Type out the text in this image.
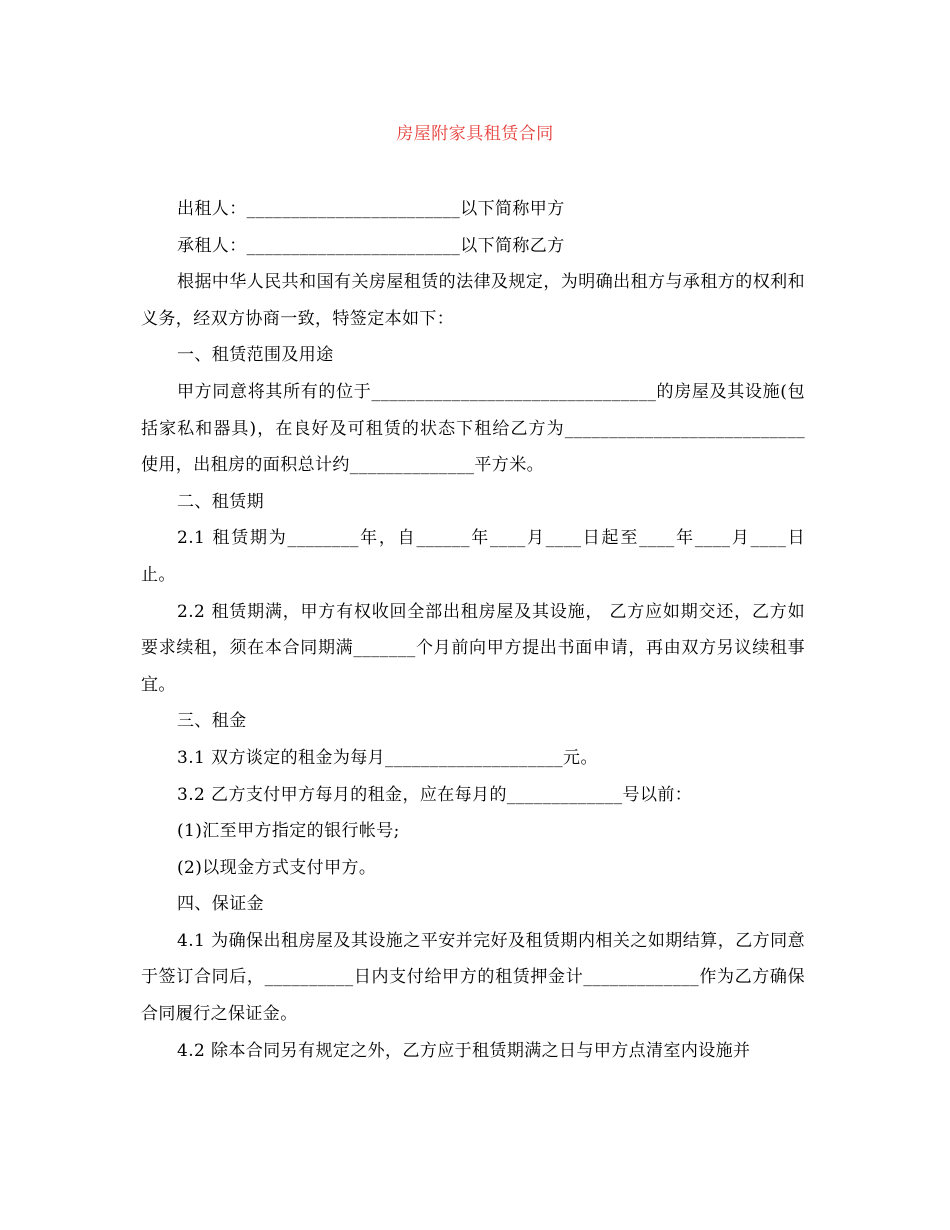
房屋附家具租赁合同

出租人：________________________以下简称甲方

承租人：________________________以下简称乙方

根据中华人民共和国有关房屋租赁的法律及规定，为明确出租方与承租方的权利和义务，经双方协商一致，特签定本如下：

一、租赁范围及用途

甲方同意将其所有的位于________________________________的房屋及其设施(包括家私和器具)，在良好及可租赁的状态下租给乙方为___________________________使用，出租房的面积总计约______________平方米。

二、租赁期

2.1 租赁期为________年，自______年____月____日起至____年____月____日止。

2.2 租赁期满，甲方有权收回全部出租房屋及其设施， 乙方应如期交还，乙方如要求续租，须在本合同期满_______个月前向甲方提出书面申请，再由双方另议续租事宜。

三、租金

3.1 双方谈定的租金为每月____________________元。

3.2 乙方支付甲方每月的租金，应在每月的_____________号以前：

(1)汇至甲方指定的银行帐号;

(2)以现金方式支付甲方。

四、保证金

4.1 为确保出租房屋及其设施之平安并完好及租赁期内相关之如期结算，乙方同意于签订合同后，__________日内支付给甲方的租赁押金计_____________作为乙方确保合同履行之保证金。

4.2 除本合同另有规定之外，乙方应于租赁期满之日与甲方点清室内设施并
